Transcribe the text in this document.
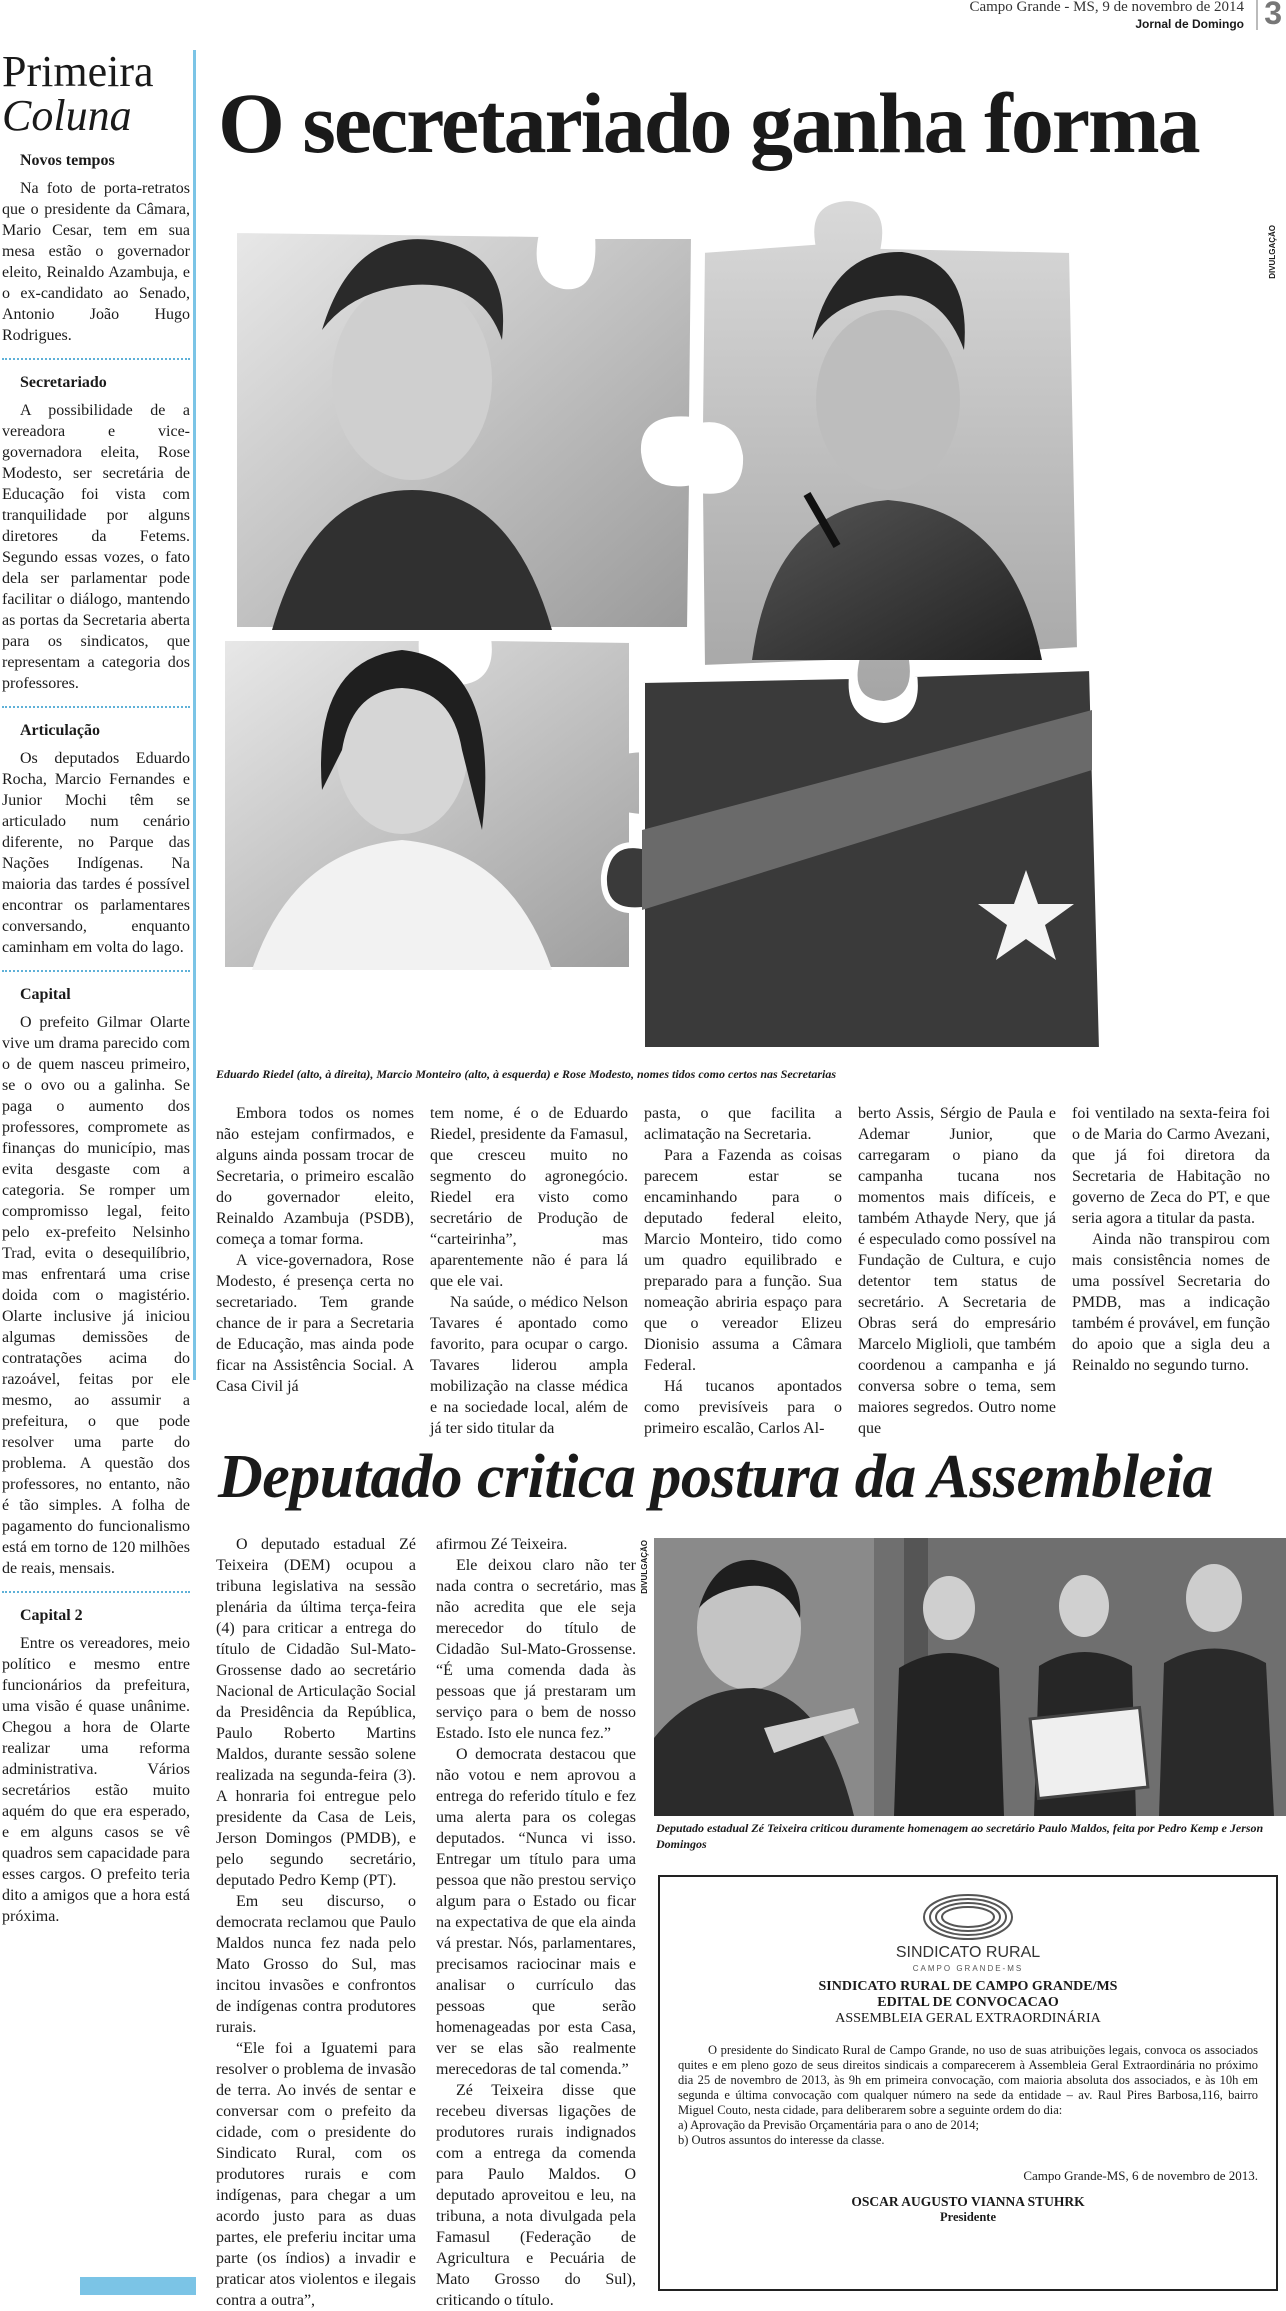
Campo Grande - MS, 9 de novembro de 2014
Jornal de Domingo 3
Primeira
Coluna
Novos tempos

Na foto de porta-retratos que o presidente da Câmara, Mario Cesar, tem em sua mesa estão o governador eleito, Reinaldo Azambuja, e o ex-candidato ao Senado, Antonio João Hugo Rodrigues.

Secretariado

A possibilidade de a vereadora e vice-governadora eleita, Rose Modesto, ser secretária de Educação foi vista com tranquilidade por alguns diretores da Fetems. Segundo essas vozes, o fato dela ser parlamentar pode facilitar o diálogo, mantendo as portas da Secretaria aberta para os sindicatos, que representam a categoria dos professores.

Articulação

Os deputados Eduardo Rocha, Marcio Fernandes e Junior Mochi têm se articulado num cenário diferente, no Parque das Nações Indígenas. Na maioria das tardes é possível encontrar os parlamentares conversando, enquanto caminham em volta do lago.

Capital

O prefeito Gilmar Olarte vive um drama parecido com o de quem nasceu primeiro, se o ovo ou a galinha. Se paga o aumento dos professores, compromete as finanças do município, mas evita desgaste com a categoria. Se romper um compromisso legal, feito pelo ex-prefeito Nelsinho Trad, evita o desequilíbrio, mas enfrentará uma crise doida com o magistério. Olarte inclusive já iniciou algumas demissões de contratações acima do razoável, feitas por ele mesmo, ao assumir a prefeitura, o que pode resolver uma parte do problema. A questão dos professores, no entanto, não é tão simples. A folha de pagamento do funcionalismo está em torno de 120 milhões de reais, mensais.

Capital 2

Entre os vereadores, meio político e mesmo entre funcionários da prefeitura, uma visão é quase unânime. Chegou a hora de Olarte realizar uma reforma administrativa. Vários secretários estão muito aquém do que era esperado, e em alguns casos se vê quadros sem capacidade para esses cargos. O prefeito teria dito a amigos que a hora está próxima.

O secretariado ganha forma
DIVULGAÇÃO
Eduardo Riedel (alto, à direita), Marcio Monteiro (alto, à esquerda) e Rose Modesto, nomes tidos como certos nas Secretarias

Embora todos os nomes não estejam confirmados, e alguns ainda possam trocar de Secretaria, o primeiro escalão do governador eleito, Reinaldo Azambuja (PSDB), começa a tomar forma.

A vice-governadora, Rose Modesto, é presença certa no secretariado. Tem grande chance de ir para a Secretaria de Educação, mas ainda pode ficar na Assistência Social. A Casa Civil já

tem nome, é o de Eduardo Riedel, presidente da Famasul, que cresceu muito no segmento do agronegócio. Riedel era visto como secretário de Produção de “carteirinha”, mas aparentemente não é para lá que ele vai.

Na saúde, o médico Nelson Tavares é apontado como favorito, para ocupar o cargo. Tavares liderou ampla mobilização na classe médica e na sociedade local, além de já ter sido titular da

pasta, o que facilita a aclimatação na Secretaria.

Para a Fazenda as coisas parecem estar se encaminhando para o deputado federal eleito, Marcio Monteiro, tido como um quadro equilibrado e preparado para a função. Sua nomeação abriria espaço para que o vereador Elizeu Dionisio assuma a Câmara Federal.

Há tucanos apontados como previsíveis para o primeiro escalão, Carlos Al-

berto Assis, Sérgio de Paula e Ademar Junior, que carregaram o piano da campanha tucana nos momentos mais difíceis, e também Athayde Nery, que já é especulado como possível na Fundação de Cultura, e cujo detentor tem status de secretário. A Secretaria de Obras será do empresário Marcelo Miglioli, que também coordenou a campanha e já conversa sobre o tema, sem maiores segredos. Outro nome que

foi ventilado na sexta-feira foi o de Maria do Carmo Avezani, que já foi diretora da Secretaria de Habitação no governo de Zeca do PT, e que seria agora a titular da pasta.

Ainda não transpirou com mais consistência nomes de uma possível Secretaria do PMDB, mas a indicação também é provável, em função do apoio que a sigla deu a Reinaldo no segundo turno.

Deputado critica postura da Assembleia

O deputado estadual Zé Teixeira (DEM) ocupou a tribuna legislativa na sessão plenária da última terça-feira (4) para criticar a entrega do título de Cidadão Sul-Mato-Grossense dado ao secretário Nacional de Articulação Social da Presidência da República, Paulo Roberto Martins Maldos, durante sessão solene realizada na segunda-feira (3). A honraria foi entregue pelo presidente da Casa de Leis, Jerson Domingos (PMDB), e pelo segundo secretário, deputado Pedro Kemp (PT).

Em seu discurso, o democrata reclamou que Paulo Maldos nunca fez nada pelo Mato Grosso do Sul, mas incitou invasões e confrontos de indígenas contra produtores rurais.

“Ele foi a Iguatemi para resolver o problema de invasão de terra. Ao invés de sentar e conversar com o prefeito da cidade, com o presidente do Sindicato Rural, com os produtores rurais e com indígenas, para chegar a um acordo justo para as duas partes, ele preferiu incitar uma parte (os índios) a invadir e praticar atos violentos e ilegais contra a outra”,

afirmou Zé Teixeira.

Ele deixou claro não ter nada contra o secretário, mas não acredita que ele seja merecedor do título de Cidadão Sul-Mato-Grossense. “É uma comenda dada às pessoas que já prestaram um serviço para o bem de nosso Estado. Isto ele nunca fez.”

O democrata destacou que não votou e nem aprovou a entrega do referido título e fez uma alerta para os colegas deputados. “Nunca vi isso. Entregar um título para uma pessoa que não prestou serviço algum para o Estado ou ficar na expectativa de que ela ainda vá prestar. Nós, parlamentares, precisamos raciocinar mais e analisar o currículo das pessoas que serão homenageadas por esta Casa, ver se elas são realmente merecedoras de tal comenda.”

Zé Teixeira disse que recebeu diversas ligações de produtores rurais indignados com a entrega da comenda para Paulo Maldos. O deputado aproveitou e leu, na tribuna, a nota divulgada pela Famasul (Federação de Agricultura e Pecuária de Mato Grosso do Sul), criticando o título.

DIVULGAÇÃO
Deputado estadual Zé Teixeira criticou duramente homenagem ao secretário Paulo Maldos, feita por Pedro Kemp e Jerson Domingos
SINDICATO RURAL
CAMPO GRANDE-MS
SINDICATO RURAL DE CAMPO GRANDE/MS
EDITAL DE CONVOCACAO
ASSEMBLEIA GERAL EXTRAORDINÁRIA

O presidente do Sindicato Rural de Campo Grande, no uso de suas atribuições legais, convoca os associados quites e em pleno gozo de seus direitos sindicais a comparecerem à Assembleia Geral Extraordinária no próximo dia 25 de novembro de 2013, às 9h em primeira convocação, com maioria absoluta dos associados, e às 10h em segunda e última convocação com qualquer número na sede da entidade – av. Raul Pires Barbosa,116, bairro Miguel Couto, nesta cidade, para deliberarem sobre a seguinte ordem do dia:

a) Aprovação da Previsão Orçamentária para o ano de 2014;
b) Outros assuntos do interesse da classe.
Campo Grande-MS, 6 de novembro de 2013.
OSCAR AUGUSTO VIANNA STUHRK
Presidente
